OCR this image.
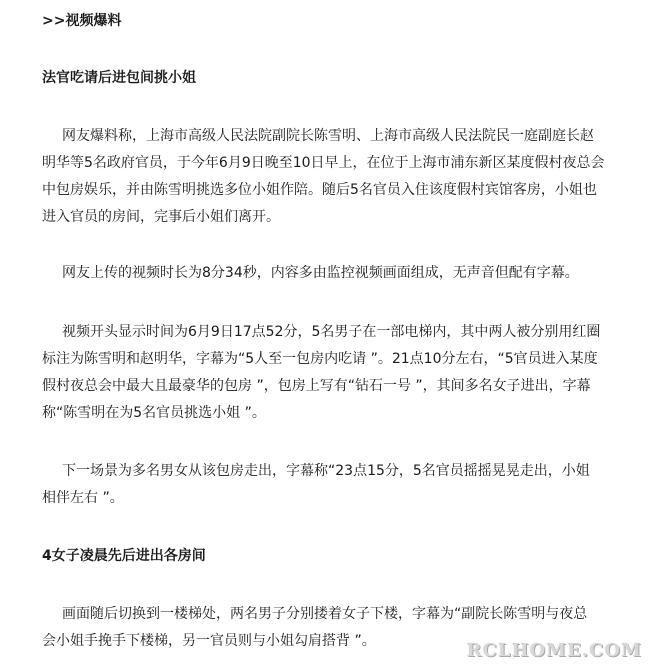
>>视频爆料
法官吃请后进包间挑小姐
网友爆料称，上海市高级人民法院副院长陈雪明、上海市高级人民法院民一庭副庭长赵
明华等5名政府官员，于今年6月9日晚至10日早上，在位于上海市浦东新区某度假村夜总会
中包房娱乐，并由陈雪明挑选多位小姐作陪。随后5名官员入住该度假村宾馆客房，小姐也
进入官员的房间，完事后小姐们离开。
网友上传的视频时长为8分34秒，内容多由监控视频画面组成，无声音但配有字幕。
视频开头显示时间为6月9日17点52分，5名男子在一部电梯内，其中两人被分别用红圈
标注为陈雪明和赵明华，字幕为“5人至一包房内吃请 ”。21点10分左右，“5官员进入某度
假村夜总会中最大且最豪华的包房 ”，包房上写有“钻石一号 ”，其间多名女子进出，字幕
称“陈雪明在为5名官员挑选小姐 ”。
下一场景为多名男女从该包房走出，字幕称“23点15分，5名官员摇摇晃晃走出，小姐
相伴左右 ”。
4女子凌晨先后进出各房间
画面随后切换到一楼梯处，两名男子分别搂着女子下楼，字幕为“副院长陈雪明与夜总
会小姐手挽手下楼梯，另一官员则与小姐勾肩搭背 ”。	RCLHOME.COM
